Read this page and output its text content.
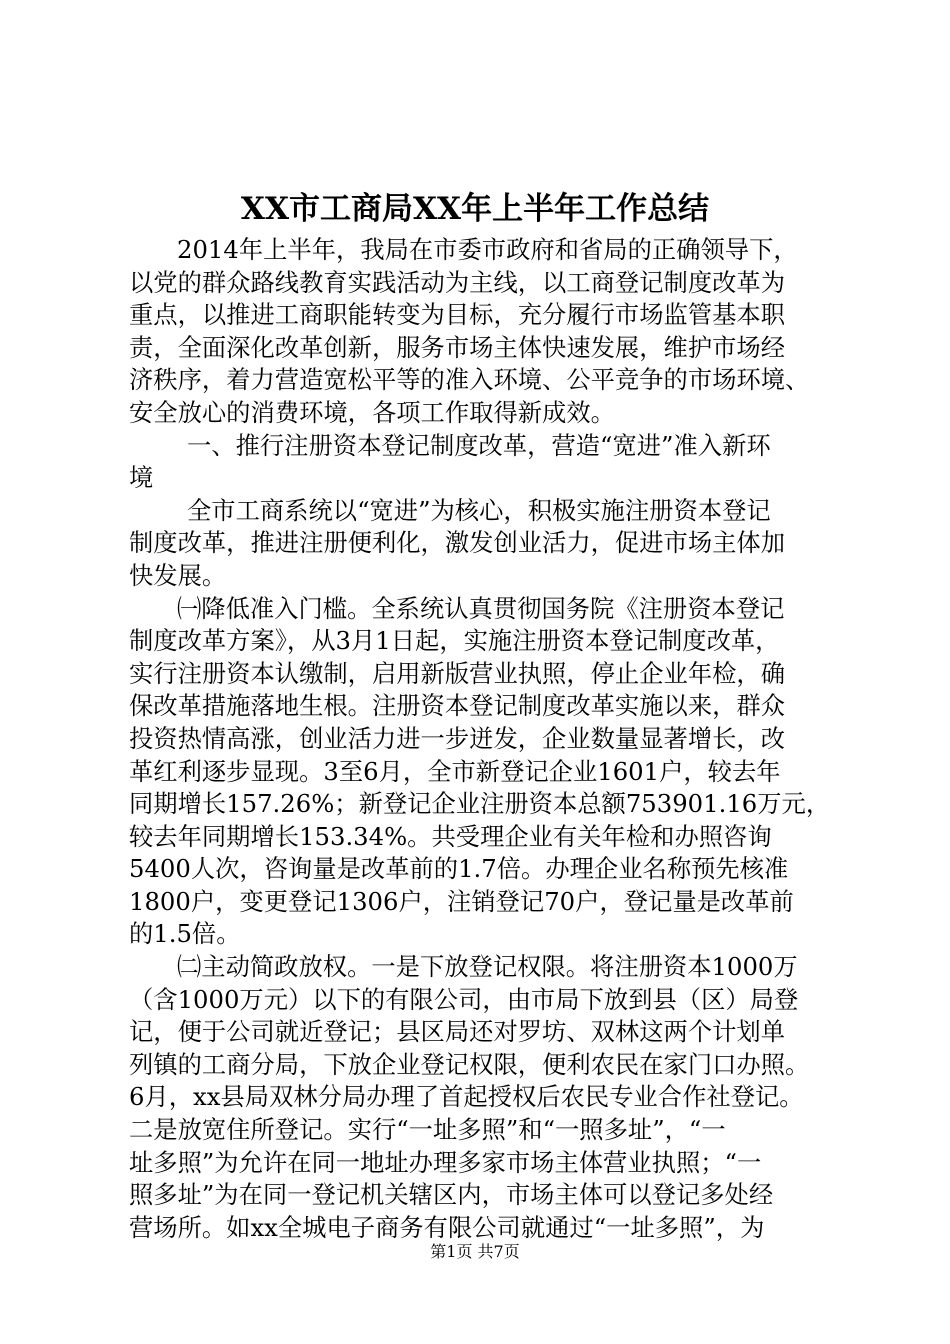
XX市工商局XX年上半年工作总结
2014年上半年，我局在市委市政府和省局的正确领导下，
以党的群众路线教育实践活动为主线，以工商登记制度改革为
重点，以推进工商职能转变为目标，充分履行市场监管基本职
责，全面深化改革创新，服务市场主体快速发展，维护市场经
济秩序，着力营造宽松平等的准入环境、公平竞争的市场环境、
安全放心的消费环境，各项工作取得新成效。
一、推行注册资本登记制度改革，营造“宽进”准入新环
境
全市工商系统以“宽进”为核心，积极实施注册资本登记
制度改革，推进注册便利化，激发创业活力，促进市场主体加
快发展。
㈠降低准入门槛。全系统认真贯彻国务院《注册资本登记
制度改革方案》，从3月1日起，实施注册资本登记制度改革，
实行注册资本认缴制，启用新版营业执照，停止企业年检，确
保改革措施落地生根。注册资本登记制度改革实施以来，群众
投资热情高涨，创业活力进一步迸发，企业数量显著增长，改
革红利逐步显现。3至6月，全市新登记企业1601户，较去年
同期增长157.26%；新登记企业注册资本总额753901.16万元，
较去年同期增长153.34%。共受理企业有关年检和办照咨询
5400人次，咨询量是改革前的1.7倍。办理企业名称预先核准
1800户，变更登记1306户，注销登记70户，登记量是改革前
的1.5倍。
㈡主动简政放权。一是下放登记权限。将注册资本1000万
（含1000万元）以下的有限公司，由市局下放到县（区）局登
记，便于公司就近登记；县区局还对罗坊、双林这两个计划单
列镇的工商分局，下放企业登记权限，便利农民在家门口办照。
6月，xx县局双林分局办理了首起授权后农民专业合作社登记。
二是放宽住所登记。实行“一址多照”和“一照多址”，“一
址多照”为允许在同一地址办理多家市场主体营业执照；“一
照多址”为在同一登记机关辖区内，市场主体可以登记多处经
营场所。如xx全城电子商务有限公司就通过“一址多照”，为
第1页 共7页
